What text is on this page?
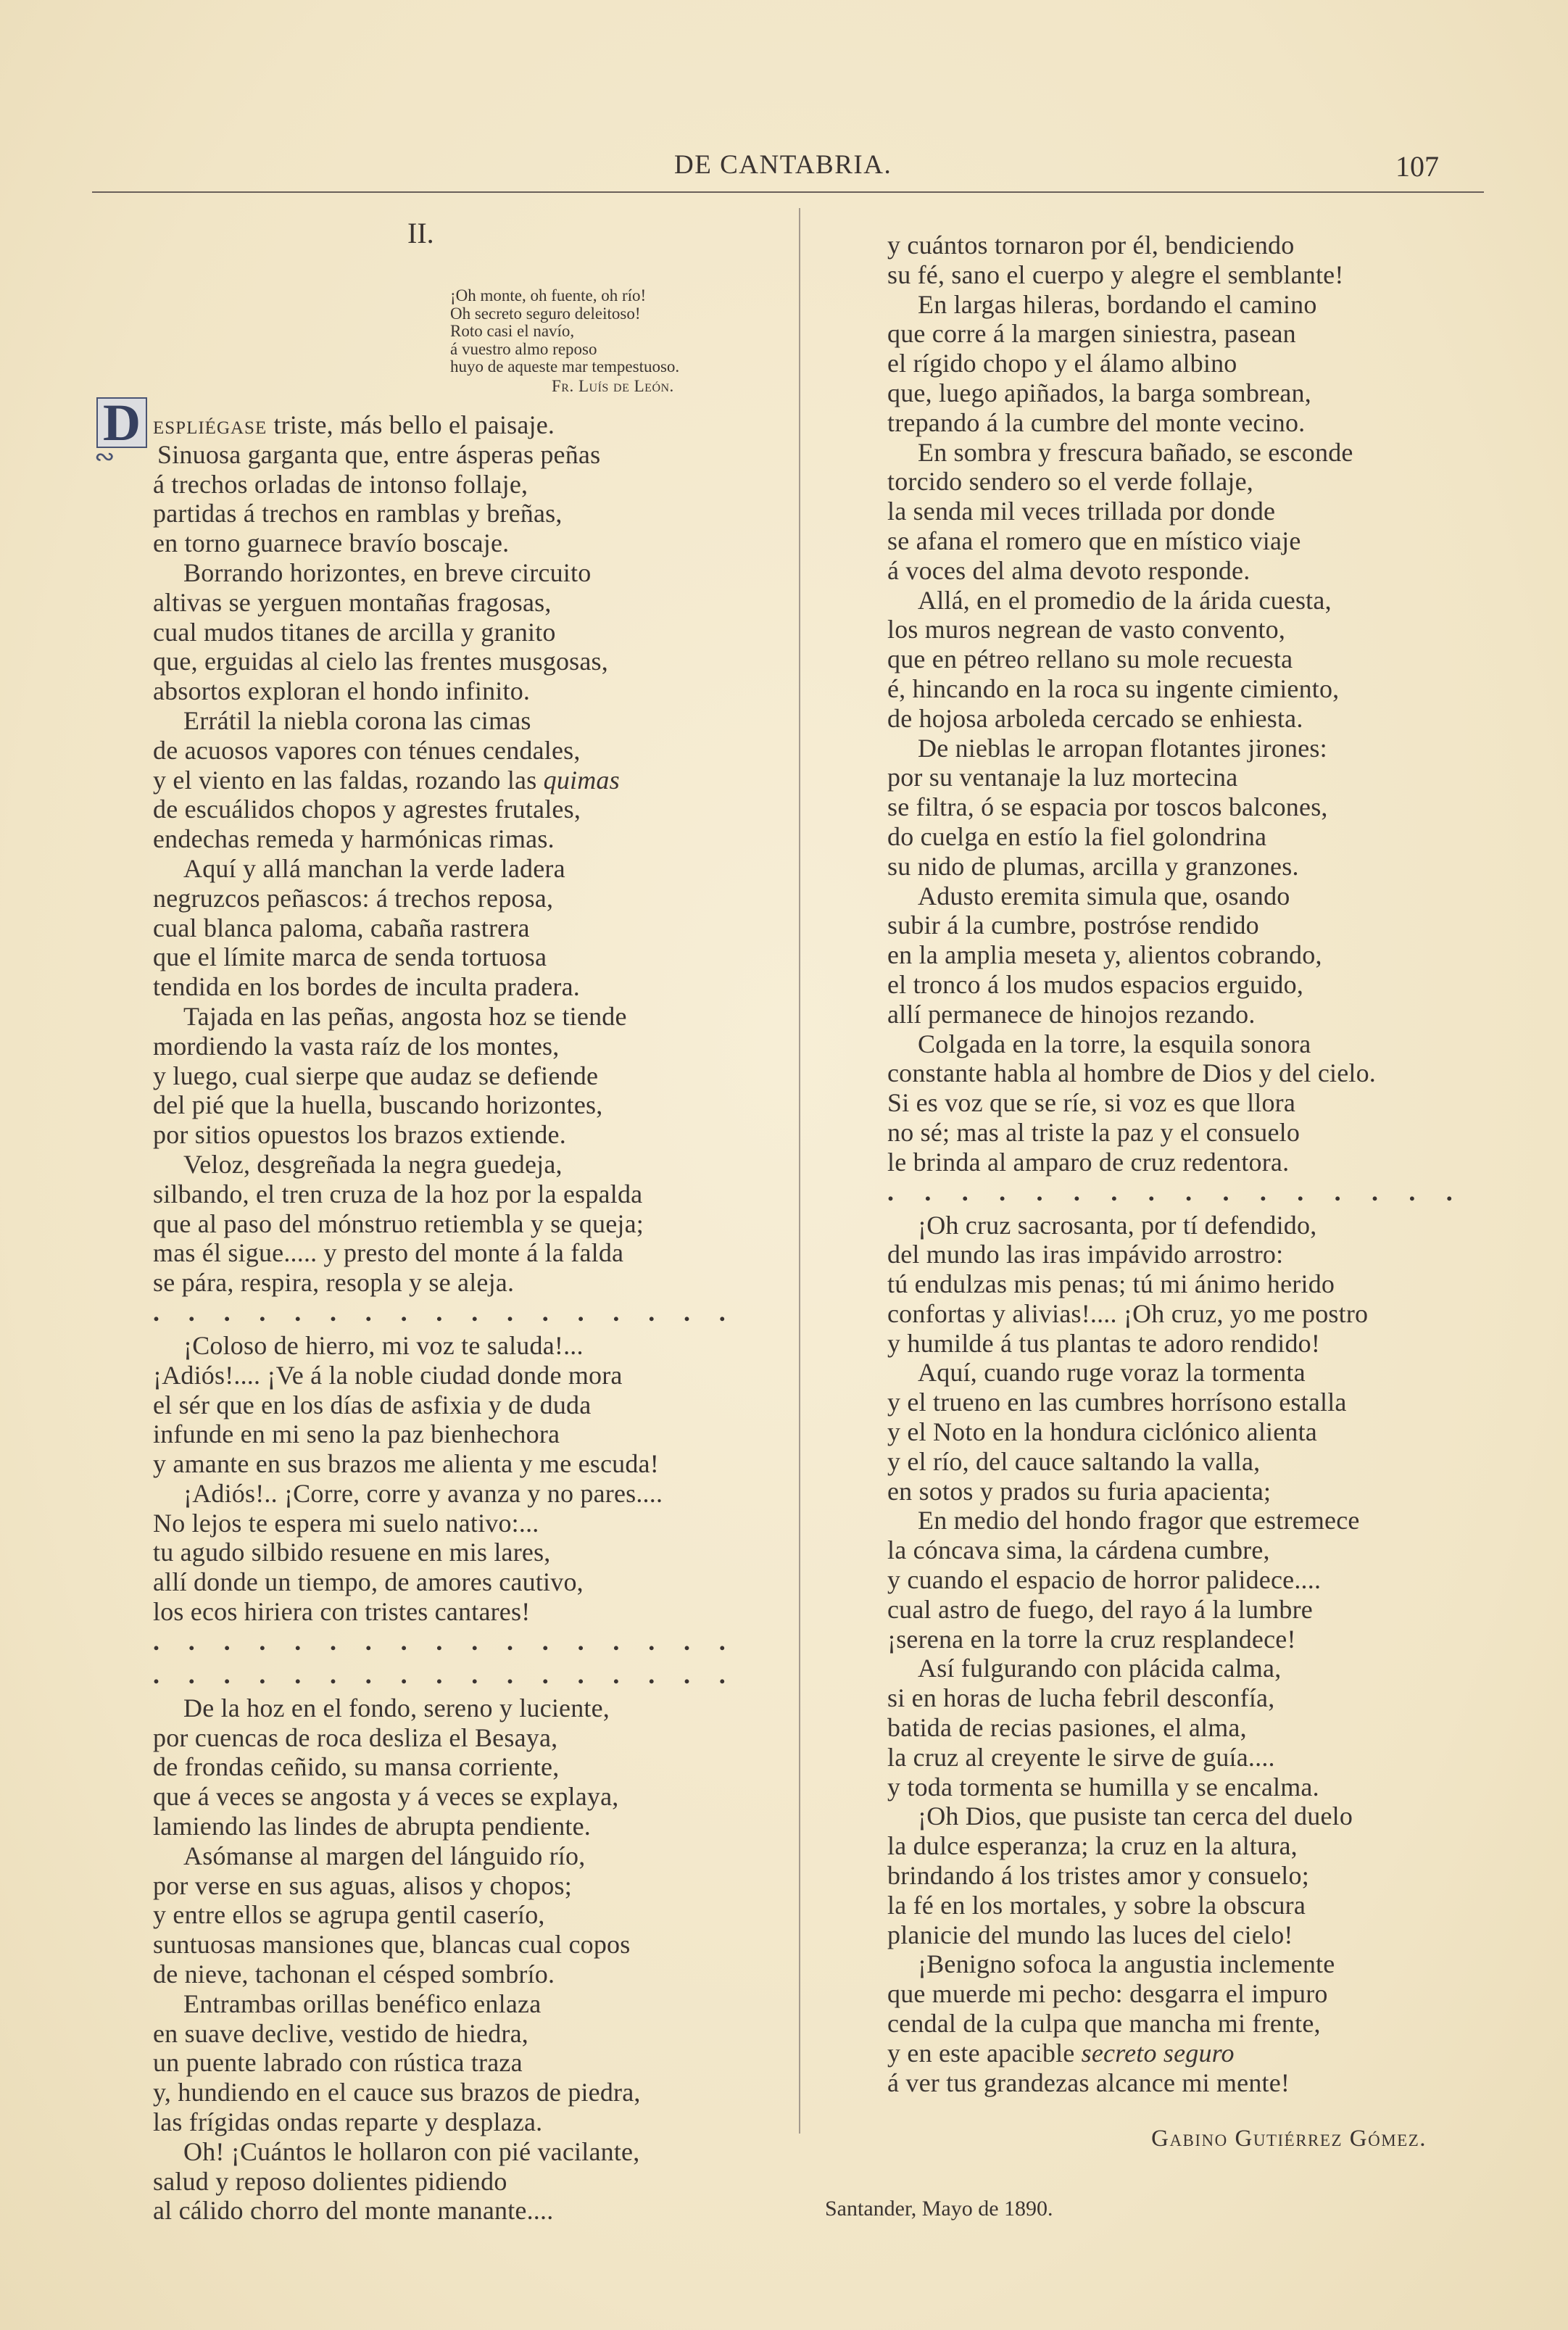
DE CANTABRIA.	107
II.
¡Oh monte, oh fuente, oh río!
Oh secreto seguro deleitoso!
Roto casi el navío,
á vuestro almo reposo
huyo de aqueste mar tempestuoso.
Fr. Luís de León.
D
∾
espliégase triste, más bello el paisaje.
Sinuosa garganta que, entre ásperas peñas
á trechos orladas de intonso follaje,
partidas á trechos en ramblas y breñas,
en torno guarnece bravío boscaje.
Borrando horizontes, en breve circuito
altivas se yerguen montañas fragosas,
cual mudos titanes de arcilla y granito
que, erguidas al cielo las frentes musgosas,
absortos exploran el hondo infinito.
Errátil la niebla corona las cimas
de acuosos vapores con ténues cendales,
y el viento en las faldas, rozando las quimas
de escuálidos chopos y agrestes frutales,
endechas remeda y harmónicas rimas.
Aquí y allá manchan la verde ladera
negruzcos peñascos: á trechos reposa,
cual blanca paloma, cabaña rastrera
que el límite marca de senda tortuosa
tendida en los bordes de inculta pradera.
Tajada en las peñas, angosta hoz se tiende
mordiendo la vasta raíz de los montes,
y luego, cual sierpe que audaz se defiende
del pié que la huella, buscando horizontes,
por sitios opuestos los brazos extiende.
Veloz, desgreñada la negra guedeja,
silbando, el tren cruza de la hoz por la espalda
que al paso del mónstruo retiembla y se queja;
mas él sigue..... y presto del monte á la falda
se pára, respira, resopla y se aleja.
. . . . . . . . . . . . . . . . .
¡Coloso de hierro, mi voz te saluda!...
¡Adiós!.... ¡Ve á la noble ciudad donde mora
el sér que en los días de asfixia y de duda
infunde en mi seno la paz bienhechora
y amante en sus brazos me alienta y me escuda!
¡Adiós!.. ¡Corre, corre y avanza y no pares....
No lejos te espera mi suelo nativo:...
tu agudo silbido resuene en mis lares,
allí donde un tiempo, de amores cautivo,
los ecos hiriera con tristes cantares!
. . . . . . . . . . . . . . . . .
. . . . . . . . . . . . . . . . .
De la hoz en el fondo, sereno y luciente,
por cuencas de roca desliza el Besaya,
de frondas ceñido, su mansa corriente,
que á veces se angosta y á veces se explaya,
lamiendo las lindes de abrupta pendiente.
Asómanse al margen del lánguido río,
por verse en sus aguas, alisos y chopos;
y entre ellos se agrupa gentil caserío,
suntuosas mansiones que, blancas cual copos
de nieve, tachonan el césped sombrío.
Entrambas orillas benéfico enlaza
en suave declive, vestido de hiedra,
un puente labrado con rústica traza
y, hundiendo en el cauce sus brazos de piedra,
las frígidas ondas reparte y desplaza.
Oh! ¡Cuántos le hollaron con pié vacilante,
salud y reposo dolientes pidiendo
al cálido chorro del monte manante....
y cuántos tornaron por él, bendiciendo
su fé, sano el cuerpo y alegre el semblante!
En largas hileras, bordando el camino
que corre á la margen siniestra, pasean
el rígido chopo y el álamo albino
que, luego apiñados, la barga sombrean,
trepando á la cumbre del monte vecino.
En sombra y frescura bañado, se esconde
torcido sendero so el verde follaje,
la senda mil veces trillada por donde
se afana el romero que en místico viaje
á voces del alma devoto responde.
Allá, en el promedio de la árida cuesta,
los muros negrean de vasto convento,
que en pétreo rellano su mole recuesta
é, hincando en la roca su ingente cimiento,
de hojosa arboleda cercado se enhiesta.
De nieblas le arropan flotantes jirones:
por su ventanaje la luz mortecina
se filtra, ó se espacia por toscos balcones,
do cuelga en estío la fiel golondrina
su nido de plumas, arcilla y granzones.
Adusto eremita simula que, osando
subir á la cumbre, postróse rendido
en la amplia meseta y, alientos cobrando,
el tronco á los mudos espacios erguido,
allí permanece de hinojos rezando.
Colgada en la torre, la esquila sonora
constante habla al hombre de Dios y del cielo.
Si es voz que se ríe, si voz es que llora
no sé; mas al triste la paz y el consuelo
le brinda al amparo de cruz redentora.
. . . . . . . . . . . . . . . .
¡Oh cruz sacrosanta, por tí defendido,
del mundo las iras impávido arrostro:
tú endulzas mis penas; tú mi ánimo herido
confortas y alivias!.... ¡Oh cruz, yo me postro
y humilde á tus plantas te adoro rendido!
Aquí, cuando ruge voraz la tormenta
y el trueno en las cumbres horrísono estalla
y el Noto en la hondura ciclónico alienta
y el río, del cauce saltando la valla,
en sotos y prados su furia apacienta;
En medio del hondo fragor que estremece
la cóncava sima, la cárdena cumbre,
y cuando el espacio de horror palidece....
cual astro de fuego, del rayo á la lumbre
¡serena en la torre la cruz resplandece!
Así fulgurando con plácida calma,
si en horas de lucha febril desconfía,
batida de recias pasiones, el alma,
la cruz al creyente le sirve de guía....
y toda tormenta se humilla y se encalma.
¡Oh Dios, que pusiste tan cerca del duelo
la dulce esperanza; la cruz en la altura,
brindando á los tristes amor y consuelo;
la fé en los mortales, y sobre la obscura
planicie del mundo las luces del cielo!
¡Benigno sofoca la angustia inclemente
que muerde mi pecho: desgarra el impuro
cendal de la culpa que mancha mi frente,
y en este apacible secreto seguro
á ver tus grandezas alcance mi mente!
Gabino Gutiérrez Gómez.
Santander, Mayo de 1890.
